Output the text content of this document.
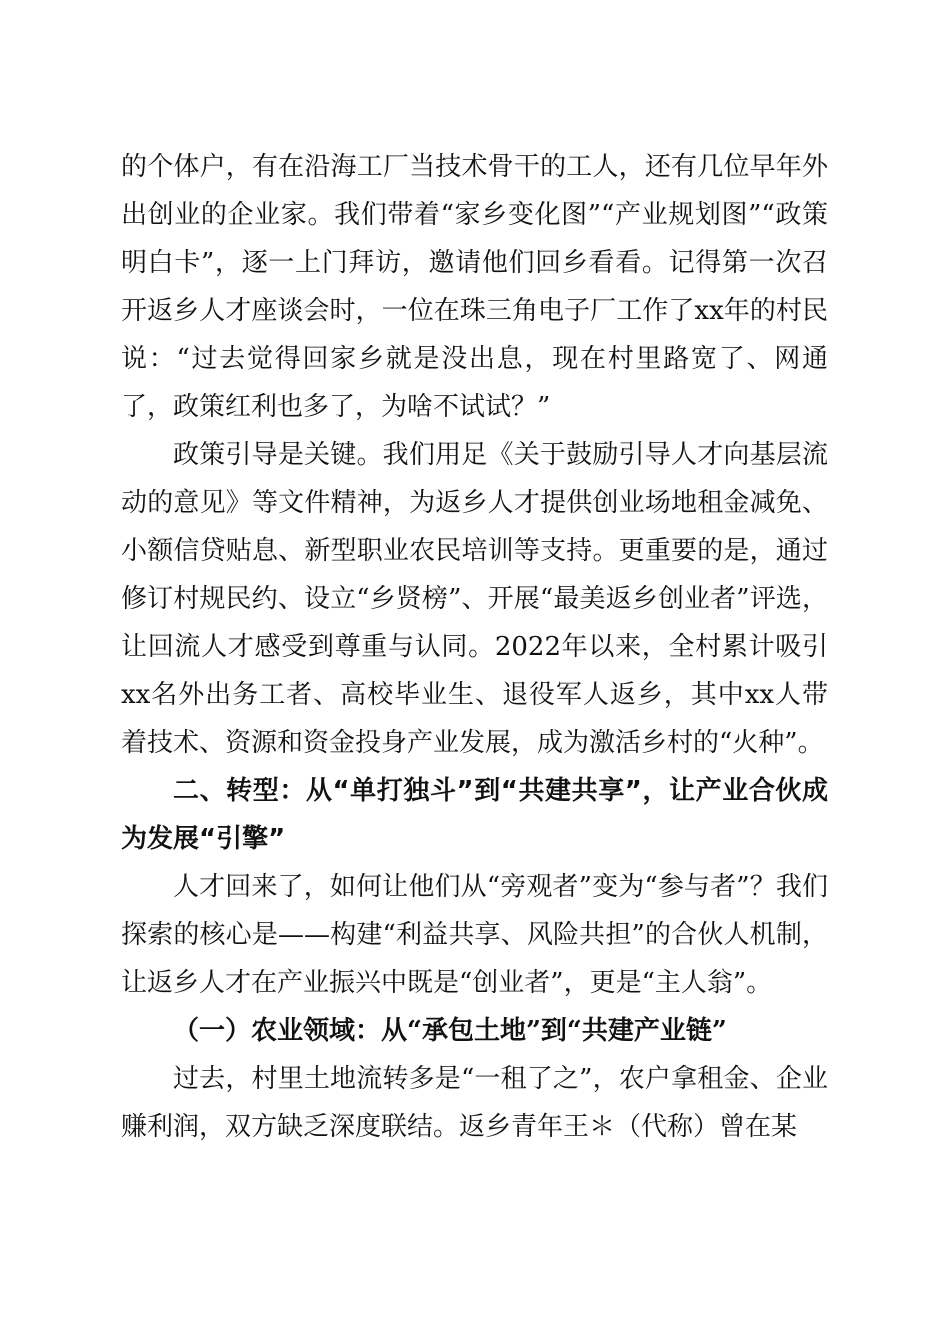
的个体户，有在沿海工厂当技术骨干的工人，还有几位早年外出创业的企业家。我们带着“家乡变化图”“产业规划图”“政策明白卡”，逐一上门拜访，邀请他们回乡看看。记得第一次召开返乡人才座谈会时，一位在珠三角电子厂工作了xx年的村民说：“过去觉得回家乡就是没出息，现在村里路宽了、网通了，政策红利也多了，为啥不试试？”

政策引导是关键。我们用足《关于鼓励引导人才向基层流动的意见》等文件精神，为返乡人才提供创业场地租金减免、小额信贷贴息、新型职业农民培训等支持。更重要的是，通过修订村规民约、设立“乡贤榜”、开展“最美返乡创业者”评选，让回流人才感受到尊重与认同。2022年以来，全村累计吸引xx名外出务工者、高校毕业生、退役军人返乡，其中xx人带着技术、资源和资金投身产业发展，成为激活乡村的“火种”。

二、转型：从“单打独斗”到“共建共享”，让产业合伙成为发展“引擎”

人才回来了，如何让他们从“旁观者”变为“参与者”？我们探索的核心是——构建“利益共享、风险共担”的合伙人机制，让返乡人才在产业振兴中既是“创业者”，更是“主人翁”。

（一）农业领域：从“承包土地”到“共建产业链”

过去，村里土地流转多是“一租了之”，农户拿租金、企业赚利润，双方缺乏深度联结。返乡青年王＊（代称）曾在某
